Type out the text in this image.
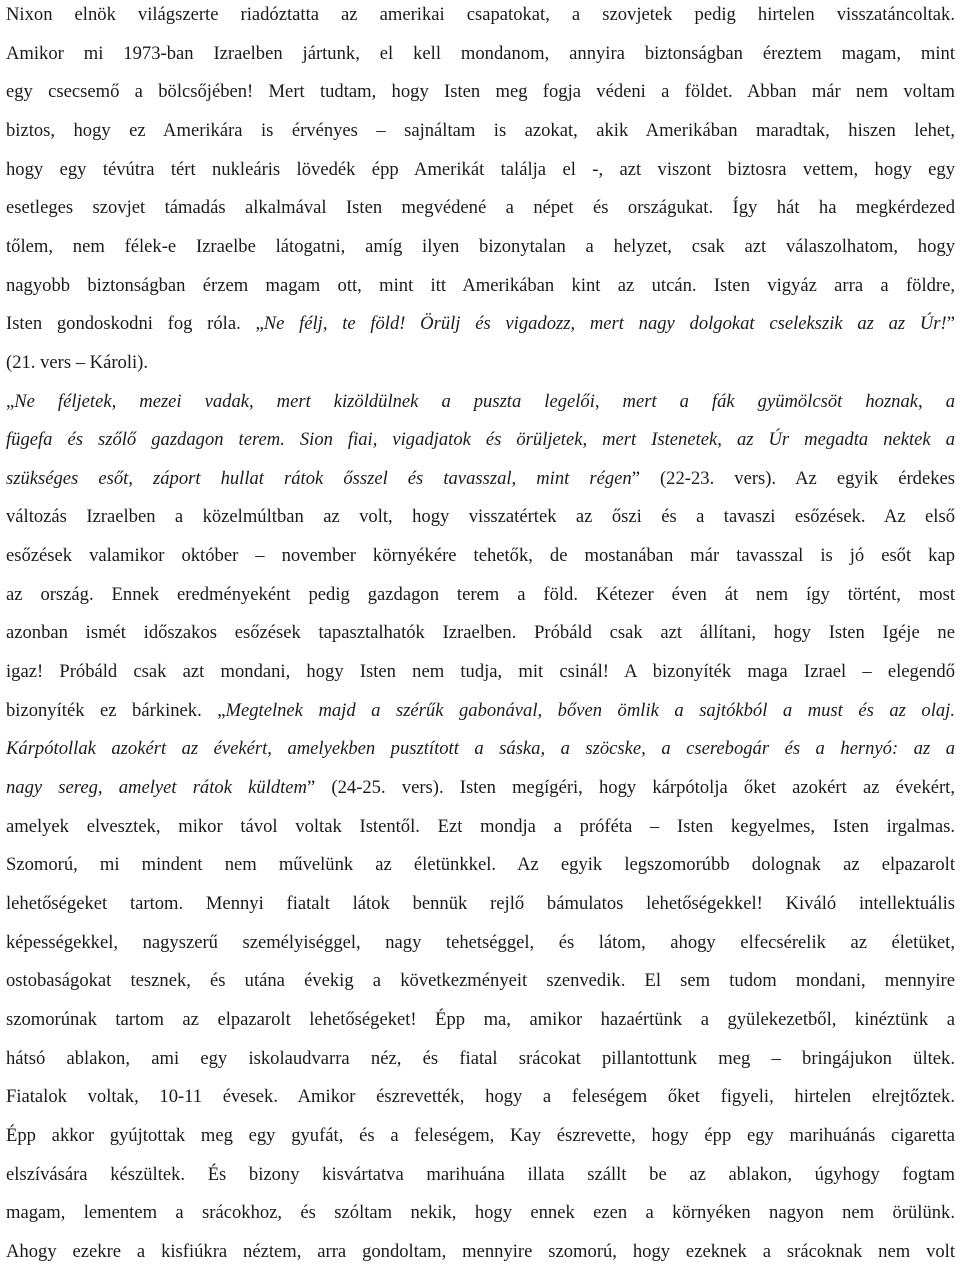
Nixon elnök világszerte riadóztatta az amerikai csapatokat, a szovjetek pedig hirtelen visszatáncoltak.
Amikor mi 1973-ban Izraelben jártunk, el kell mondanom, annyira biztonságban éreztem magam, mint
egy csecsemő a bölcsőjében! Mert tudtam, hogy Isten meg fogja védeni a földet. Abban már nem voltam
biztos, hogy ez Amerikára is érvényes – sajnáltam is azokat, akik Amerikában maradtak, hiszen lehet,
hogy egy tévútra tért nukleáris lövedék épp Amerikát találja el -, azt viszont biztosra vettem, hogy egy
esetleges szovjet támadás alkalmával Isten megvédené a népet és országukat. Így hát ha megkérdezed
tőlem, nem félek-e Izraelbe látogatni, amíg ilyen bizonytalan a helyzet, csak azt válaszolhatom, hogy
nagyobb biztonságban érzem magam ott, mint itt Amerikában kint az utcán. Isten vigyáz arra a földre,
Isten gondoskodni fog róla. „Ne félj, te föld! Örülj és vigadozz, mert nagy dolgokat cselekszik az az Úr!”
(21. vers – Károli).
„Ne féljetek, mezei vadak, mert kizöldülnek a puszta legelői, mert a fák gyümölcsöt hoznak, a
fügefa és szőlő gazdagon terem. Sion fiai, vigadjatok és örüljetek, mert Istenetek, az Úr megadta nektek a
szükséges esőt, záport hullat rátok ősszel és tavasszal, mint régen” (22-23. vers). Az egyik érdekes
változás Izraelben a közelmúltban az volt, hogy visszatértek az őszi és a tavaszi esőzések. Az első
esőzések valamikor október – november környékére tehetők, de mostanában már tavasszal is jó esőt kap
az ország. Ennek eredményeként pedig gazdagon terem a föld. Kétezer éven át nem így történt, most
azonban ismét időszakos esőzések tapasztalhatók Izraelben. Próbáld csak azt állítani, hogy Isten Igéje ne
igaz! Próbáld csak azt mondani, hogy Isten nem tudja, mit csinál! A bizonyíték maga Izrael – elegendő
bizonyíték ez bárkinek. „Megtelnek majd a szérűk gabonával, bőven ömlik a sajtókból a must és az olaj.
Kárpótollak azokért az évekért, amelyekben pusztított a sáska, a szöcske, a cserebogár és a hernyó: az a
nagy sereg, amelyet rátok küldtem” (24-25. vers). Isten megígéri, hogy kárpótolja őket azokért az évekért,
amelyek elvesztek, mikor távol voltak Istentől. Ezt mondja a próféta – Isten kegyelmes, Isten irgalmas.
Szomorú, mi mindent nem művelünk az életünkkel. Az egyik legszomorúbb dolognak az elpazarolt
lehetőségeket tartom. Mennyi fiatalt látok bennük rejlő bámulatos lehetőségekkel! Kiváló intellektuális
képességekkel, nagyszerű személyiséggel, nagy tehetséggel, és látom, ahogy elfecsérelik az életüket,
ostobaságokat tesznek, és utána évekig a következményeit szenvedik. El sem tudom mondani, mennyire
szomorúnak tartom az elpazarolt lehetőségeket! Épp ma, amikor hazaértünk a gyülekezetből, kinéztünk a
hátsó ablakon, ami egy iskolaudvarra néz, és fiatal srácokat pillantottunk meg – bringájukon ültek.
Fiatalok voltak, 10-11 évesek. Amikor észrevették, hogy a feleségem őket figyeli, hirtelen elrejtőztek.
Épp akkor gyújtottak meg egy gyufát, és a feleségem, Kay észrevette, hogy épp egy marihuánás cigaretta
elszívására készültek. És bizony kisvártatva marihuána illata szállt be az ablakon, úgyhogy fogtam
magam, lementem a srácokhoz, és szóltam nekik, hogy ennek ezen a környéken nagyon nem örülünk.
Ahogy ezekre a kisfiúkra néztem, arra gondoltam, mennyire szomorú, hogy ezeknek a srácoknak nem volt
